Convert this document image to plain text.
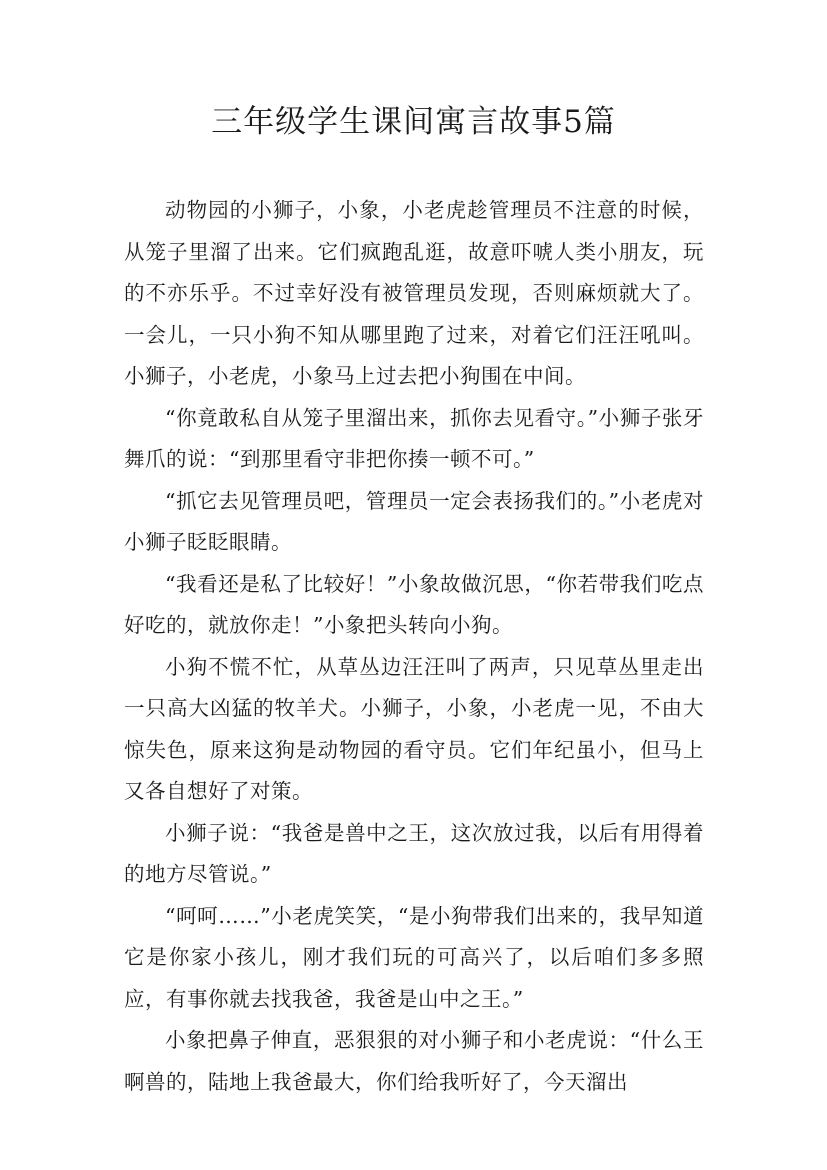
三年级学生课间寓言故事5篇

动物园的小狮子，小象，小老虎趁管理员不注意的时候，从笼子里溜了出来。它们疯跑乱逛，故意吓唬人类小朋友，玩的不亦乐乎。不过幸好没有被管理员发现，否则麻烦就大了。一会儿，一只小狗不知从哪里跑了过来，对着它们汪汪吼叫。小狮子，小老虎，小象马上过去把小狗围在中间。

“你竟敢私自从笼子里溜出来，抓你去见看守。”小狮子张牙舞爪的说：“到那里看守非把你揍一顿不可。”

“抓它去见管理员吧，管理员一定会表扬我们的。”小老虎对小狮子眨眨眼睛。

“我看还是私了比较好！”小象故做沉思，“你若带我们吃点好吃的，就放你走！”小象把头转向小狗。

小狗不慌不忙，从草丛边汪汪叫了两声，只见草丛里走出一只高大凶猛的牧羊犬。小狮子，小象，小老虎一见，不由大惊失色，原来这狗是动物园的看守员。它们年纪虽小，但马上又各自想好了对策。

小狮子说：“我爸是兽中之王，这次放过我，以后有用得着的地方尽管说。”

“呵呵……”小老虎笑笑，“是小狗带我们出来的，我早知道它是你家小孩儿，刚才我们玩的可高兴了，以后咱们多多照应，有事你就去找我爸，我爸是山中之王。”

小象把鼻子伸直，恶狠狠的对小狮子和小老虎说：“什么王啊兽的，陆地上我爸最大，你们给我听好了，今天溜出
